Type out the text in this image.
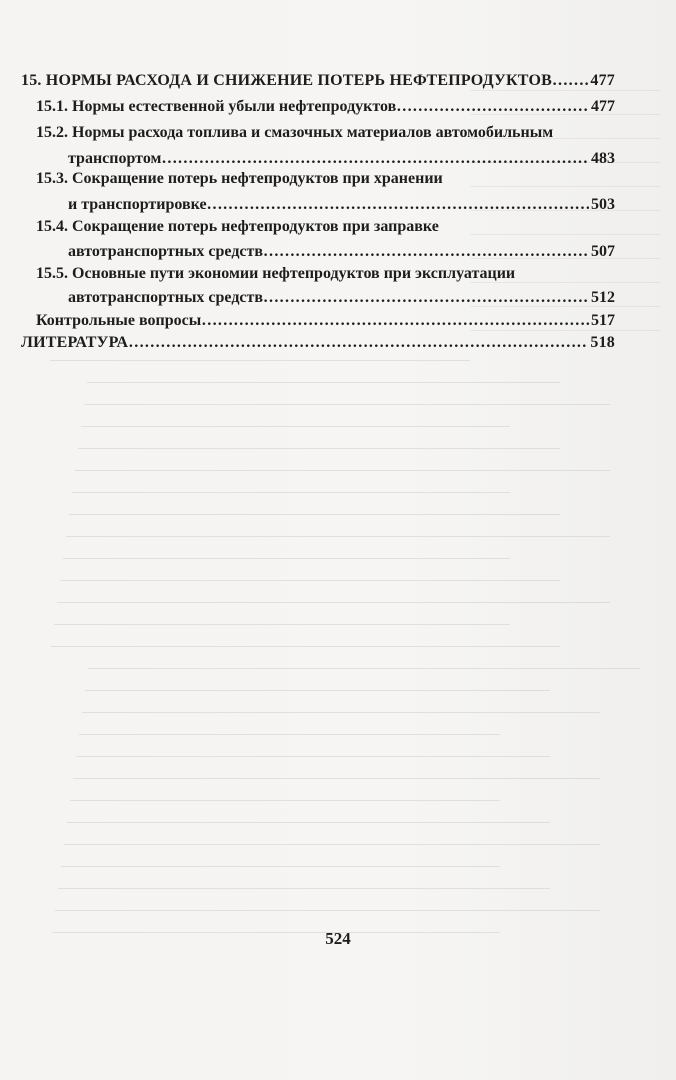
15. НОРМЫ РАСХОДА И СНИЖЕНИЕ ПОТЕРЬ НЕФТЕПРОДУКТОВ …………………………………………………………………………………………………………………………………………………………………… 477
15.1. Нормы естественной убыли нефтепродуктов ……………………………………………………………………………………………………………………………………………………………………	477
15.2. Нормы расхода топлива и смазочных материалов автомобильным
транспортом ……………………………………………………………………………………………………………………………………………………………………	483
15.3. Сокращение потерь нефтепродуктов при хранении
и транспортировке ……………………………………………………………………………………………………………………………………………………………………	503
15.4. Сокращение потерь нефтепродуктов при заправке
автотранспортных средств ……………………………………………………………………………………………………………………………………………………………………	507
15.5. Основные пути экономии нефтепродуктов при эксплуатации
автотранспортных средств ……………………………………………………………………………………………………………………………………………………………………	512
Контрольные вопросы ……………………………………………………………………………………………………………………………………………………………………	517
ЛИТЕРАТУРА ……………………………………………………………………………………………………………………………………………………………………	518
524
